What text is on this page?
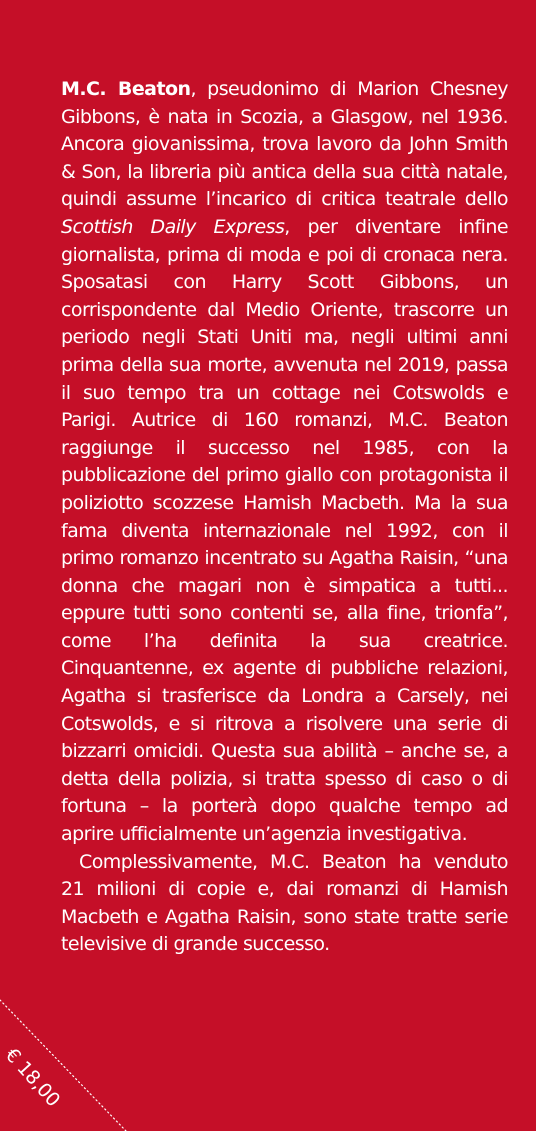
M.C. Beaton, pseudonimo di Marion Chesney Gibbons, è nata in Scozia, a Glasgow, nel 1936. Ancora giovanissima, trova lavoro da John Smith & Son, la libreria più antica della sua città natale, quindi assume l’incarico di critica teatrale dello Scottish Daily Express, per diventare infine giornalista, prima di moda e poi di cronaca nera. Sposatasi con Harry Scott Gibbons, un corrispondente dal Medio Oriente, trascorre un periodo negli Stati Uniti ma, negli ultimi anni prima della sua morte, avvenuta nel 2019, passa il suo tempo tra un cottage nei Cotswolds e Parigi. Autrice di 160 romanzi, M.C. Beaton raggiunge il successo nel 1985, con la pubblicazione del primo giallo con protagonista il poliziotto scozzese Hamish Macbeth. Ma la sua fama diventa internazionale nel 1992, con il primo romanzo incentrato su Agatha Raisin, “una donna che magari non è simpatica a tutti... eppure tutti sono contenti se, alla fine, trionfa”, come l’ha definita la sua creatrice. Cinquantenne, ex agente di pubbliche relazioni, Agatha si trasferisce da Londra a Carsely, nei Cotswolds, e si ritrova a risolvere una serie di bizzarri omicidi. Questa sua abilità – anche se, a detta della polizia, si tratta spesso di caso o di fortuna – la porterà dopo qualche tempo ad aprire ufficialmente un’agenzia investigativa.

Complessivamente, M.C. Beaton ha venduto 21 milioni di copie e, dai romanzi di Hamish Macbeth e Agatha Raisin, sono state tratte serie televisive di grande successo.

€ 18,00
